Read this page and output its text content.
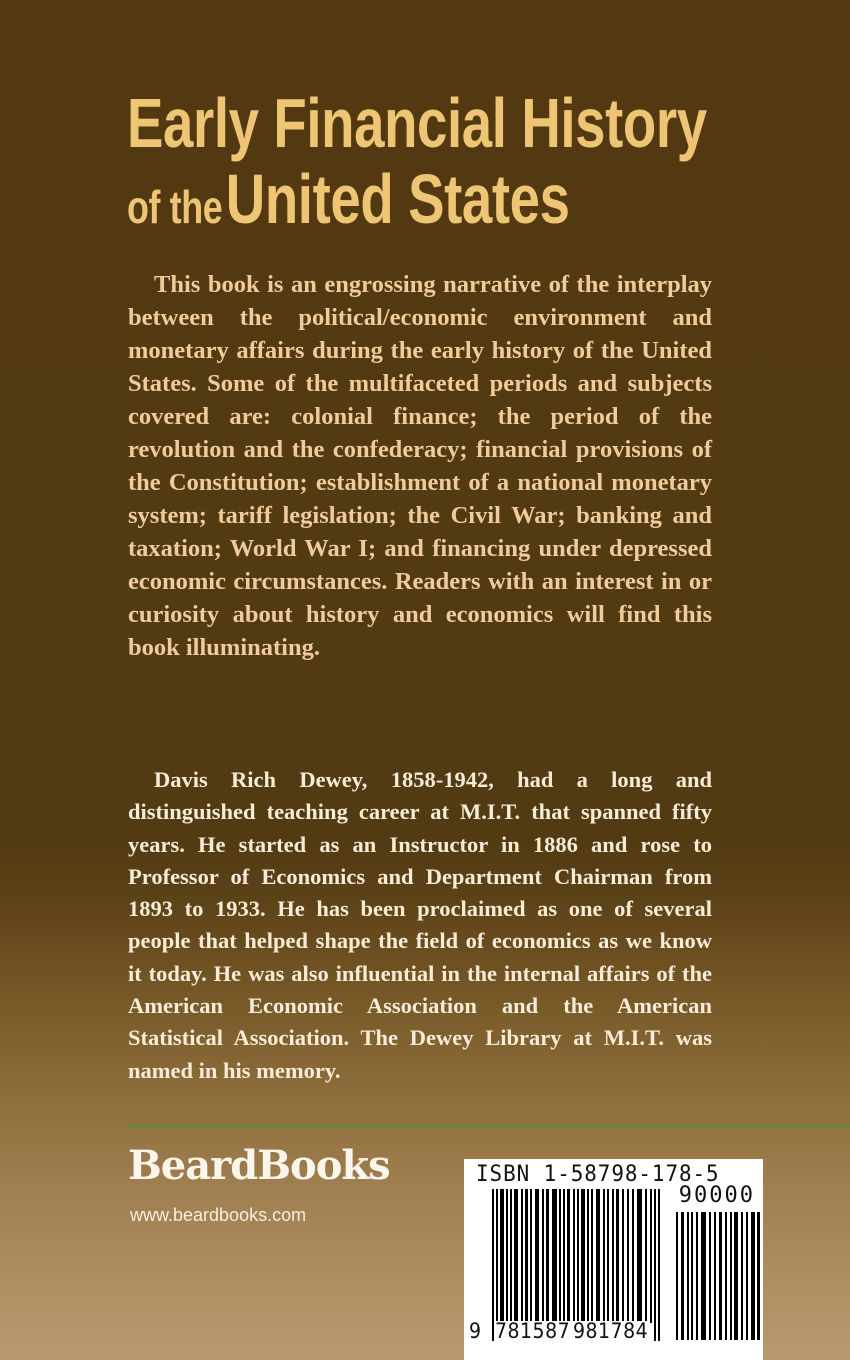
Early Financial History
of the United States

This book is an engrossing narrative of the interplay between the political/economic environment and monetary affairs during the early history of the United States. Some of the multifaceted periods and subjects covered are: colonial finance; the period of the revolution and the confederacy; financial provisions of the Constitution; establishment of a national monetary system; tariff legislation; the Civil War; banking and taxation; World War I; and financing under depressed economic circumstances. Readers with an interest in or curiosity about history and economics will find this book illuminating.

Davis Rich Dewey, 1858-1942, had a long and distinguished teaching career at M.I.T. that spanned fifty years. He started as an Instructor in 1886 and rose to Professor of Economics and Department Chairman from 1893 to 1933. He has been proclaimed as one of several people that helped shape the field of economics as we know it today. He was also influential in the internal affairs of the American Economic Association and the American Statistical Association. The Dewey Library at M.I.T. was named in his memory.

BeardBooks
www.beardbooks.com
ISBN 1-58798-178-5
90000
9 781587 981784
